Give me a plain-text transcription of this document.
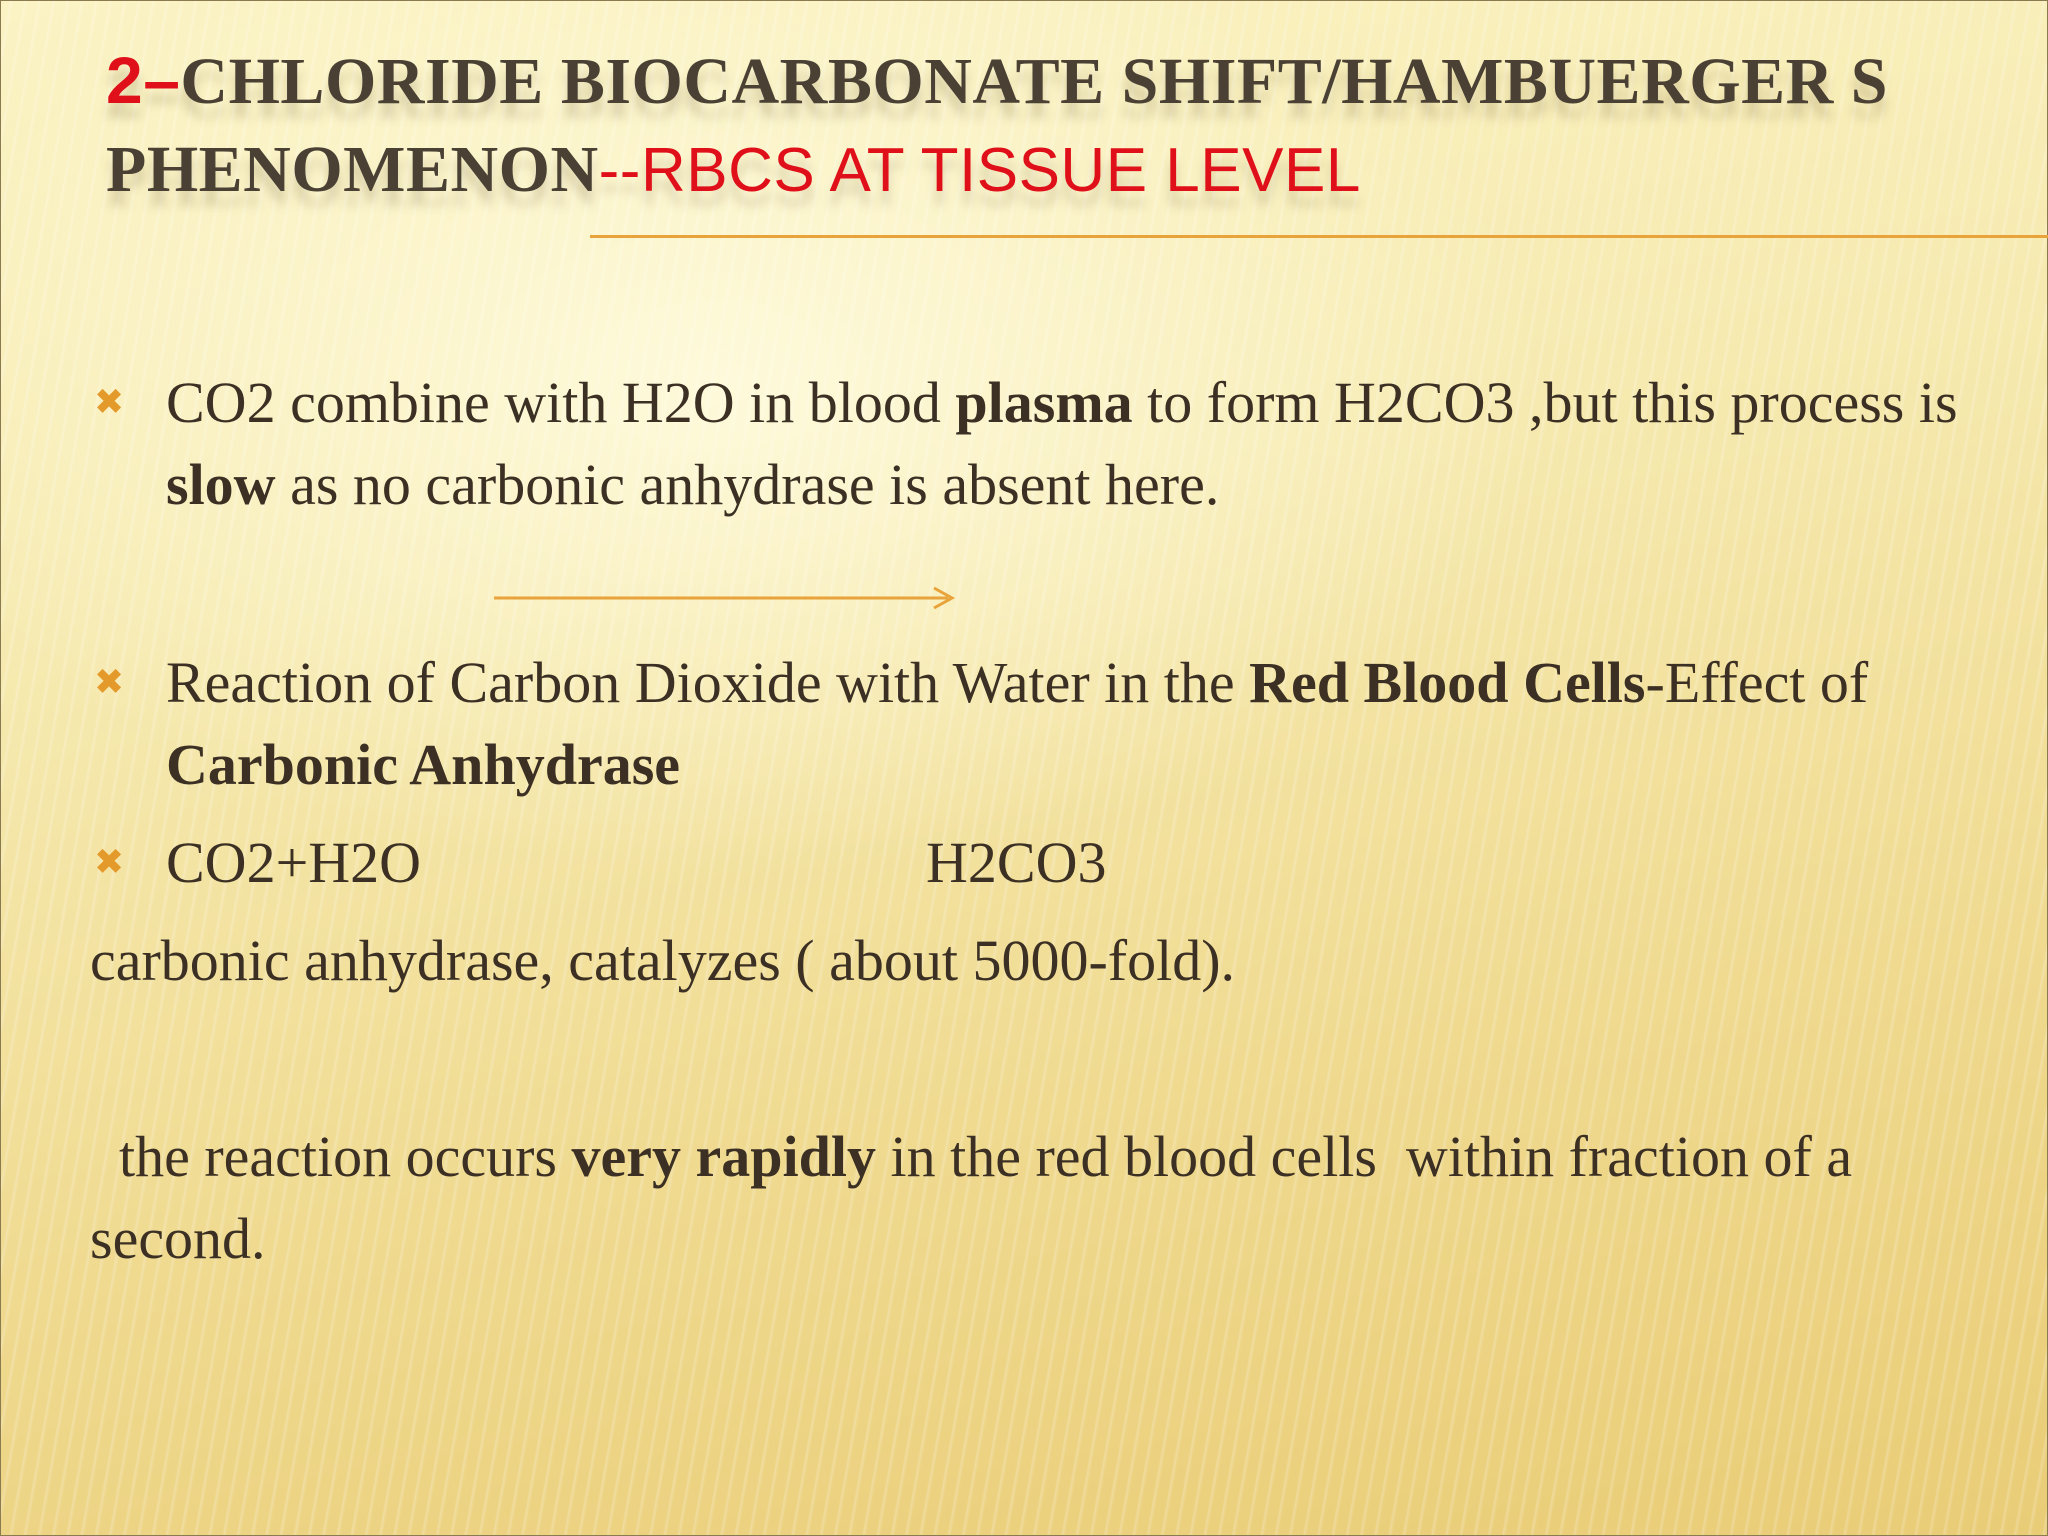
2–CHLORIDE BIOCARBONATE SHIFT/HAMBUERGER S PHENOMENON--RBCS AT TISSUE LEVEL
✖ CO2 combine with H2O in blood plasma to form H2CO3 ,but this process is slow as no carbonic anhydrase is absent here.
✖ Reaction of Carbon Dioxide with Water in the Red Blood Cells-Effect of Carbonic Anhydrase
✖ CO2+H2O	H2CO3
carbonic anhydrase, catalyzes ( about 5000-fold).
the reaction occurs very rapidly in the red blood cells  within fraction of a second.
